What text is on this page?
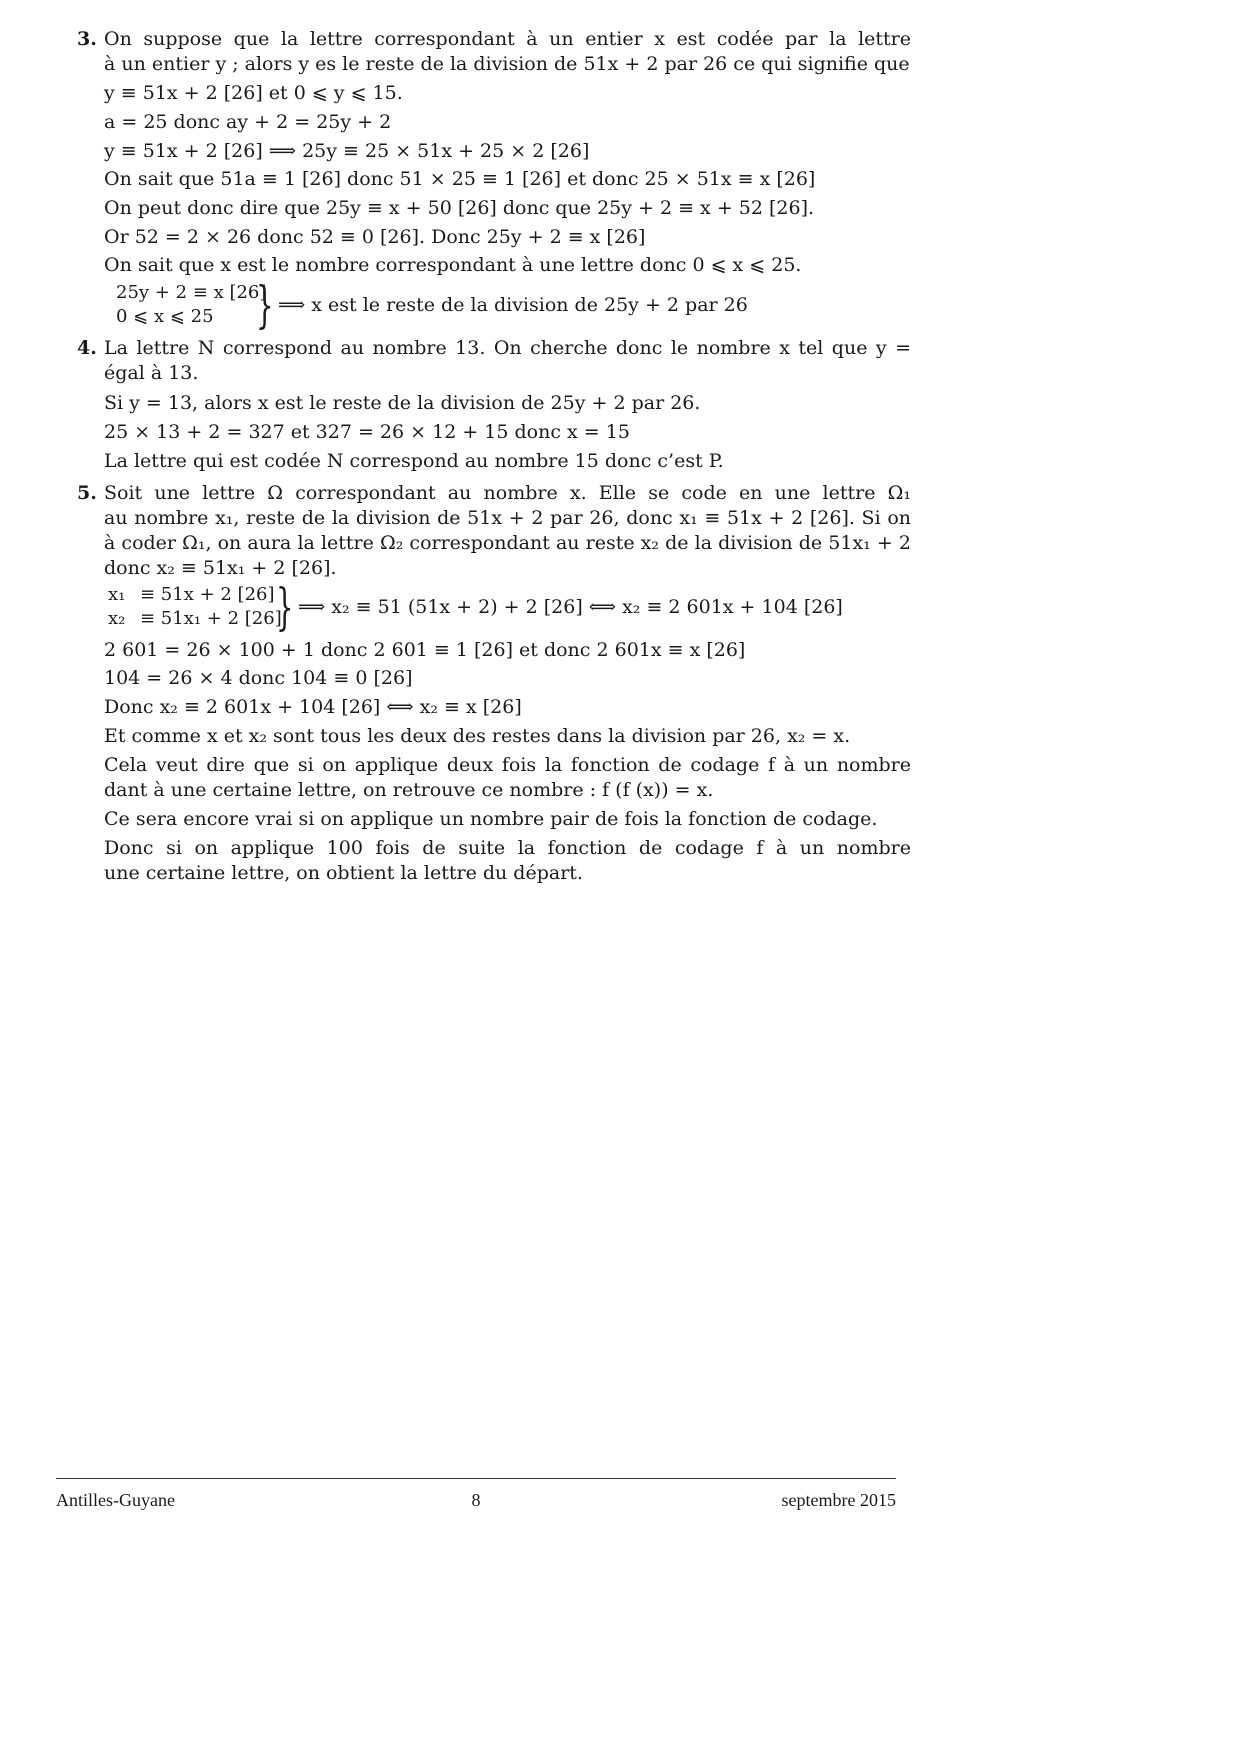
3. On suppose que la lettre correspondant à un entier x est codée par la lettre
à un entier y ; alors y es le reste de la division de 51x + 2 par 26 ce qui signifie que
y ≡ 51x + 2 [26] et 0 ⩽ y ⩽ 15.
a = 25 donc ay + 2 = 25y + 2
y ≡ 51x + 2 [26] ⟹ 25y ≡ 25 × 51x + 25 × 2 [26]
On sait que 51a ≡ 1 [26] donc 51 × 25 ≡ 1 [26] et donc 25 × 51x ≡ x [26]
On peut donc dire que 25y ≡ x + 50 [26] donc que 25y + 2 ≡ x + 52 [26].
Or 52 = 2 × 26 donc 52 ≡ 0 [26]. Donc 25y + 2 ≡ x [26]
On sait que x est le nombre correspondant à une lettre donc 0 ⩽ x ⩽ 25.
25y + 2 ≡ x [26]
0 ⩽ x ⩽ 25 } ⟹ x est le reste de la division de 25y + 2 par 26
4. La lettre N correspond au nombre 13. On cherche donc le nombre x tel que y =
égal à 13.
Si y = 13, alors x est le reste de la division de 25y + 2 par 26.
25 × 13 + 2 = 327 et 327 = 26 × 12 + 15 donc x = 15
La lettre qui est codée N correspond au nombre 15 donc c’est P.
5. Soit une lettre Ω correspondant au nombre x. Elle se code en une lettre Ω₁
au nombre x₁, reste de la division de 51x + 2 par 26, donc x₁ ≡ 51x + 2 [26]. Si on
à coder Ω₁, on aura la lettre Ω₂ correspondant au reste x₂ de la division de 51x₁ + 2
donc x₂ ≡ 51x₁ + 2 [26].
x₁ ≡ 51x + 2 [26]
x₂ ≡ 51x₁ + 2 [26]
} ⟹ x₂ ≡ 51 (51x + 2) + 2 [26] ⟺ x₂ ≡ 2 601x + 104 [26]
2 601 = 26 × 100 + 1 donc 2 601 ≡ 1 [26] et donc 2 601x ≡ x [26]
104 = 26 × 4 donc 104 ≡ 0 [26]
Donc x₂ ≡ 2 601x + 104 [26] ⟺ x₂ ≡ x [26]
Et comme x et x₂ sont tous les deux des restes dans la division par 26, x₂ = x.
Cela veut dire que si on applique deux fois la fonction de codage f à un nombre
dant à une certaine lettre, on retrouve ce nombre : f (f (x)) = x.
Ce sera encore vrai si on applique un nombre pair de fois la fonction de codage.
Donc si on applique 100 fois de suite la fonction de codage f à un nombre
une certaine lettre, on obtient la lettre du départ.
Antilles-Guyane	8	septembre 2015
